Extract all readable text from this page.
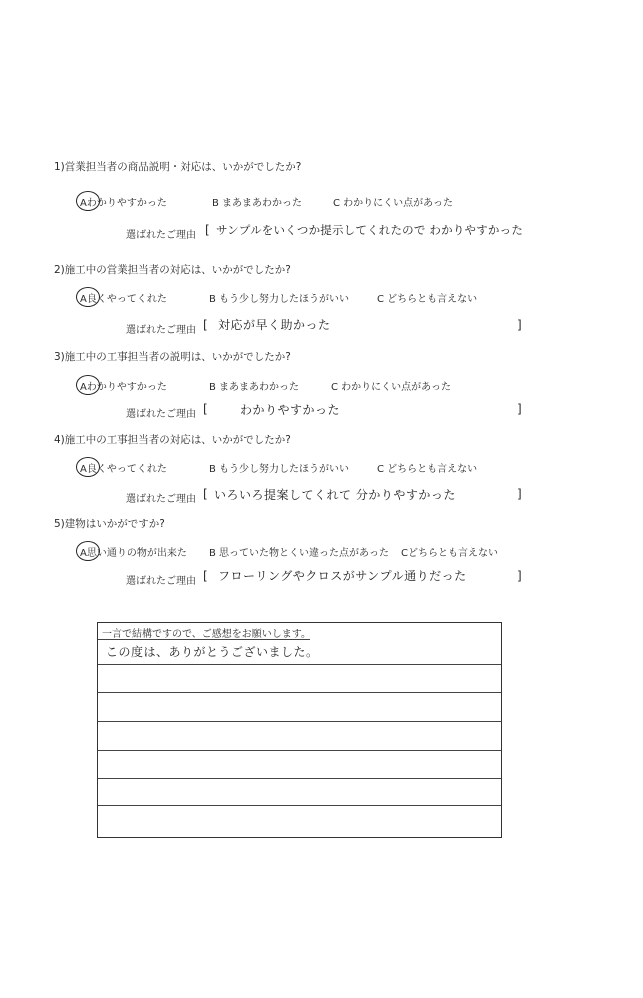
1)営業担当者の商品説明・対応は、いかがでしたか?
Aわかりやすかった	B まあまあわかった	C わかりにくい点があった
選ばれたご理由 [ サンプルをいくつか提示してくれたので わかりやすかった
2)施工中の営業担当者の対応は、いかがでしたか?
A良くやってくれた	B もう少し努力したほうがいい	C どちらとも言えない
選ばれたご理由 [ 対応が早く助かった	]
3)施工中の工事担当者の説明は、いかがでしたか?
Aわかりやすかった	B まあまあわかった	C わかりにくい点があった
選ばれたご理由 [	わかりやすかった	]
4)施工中の工事担当者の対応は、いかがでしたか?
A良くやってくれた	B もう少し努力したほうがいい	C どちらとも言えない
選ばれたご理由 [ いろいろ提案してくれて 分かりやすかった	]
5)建物はいかがですか?
A思い通りの物が出来た B 思っていた物とくい違った点があった Cどちらとも言えない
選ばれたご理由 [ フローリングやクロスがサンプル通りだった	]
一言で結構ですので、ご感想をお願いします。
この度は、ありがとうございました。
